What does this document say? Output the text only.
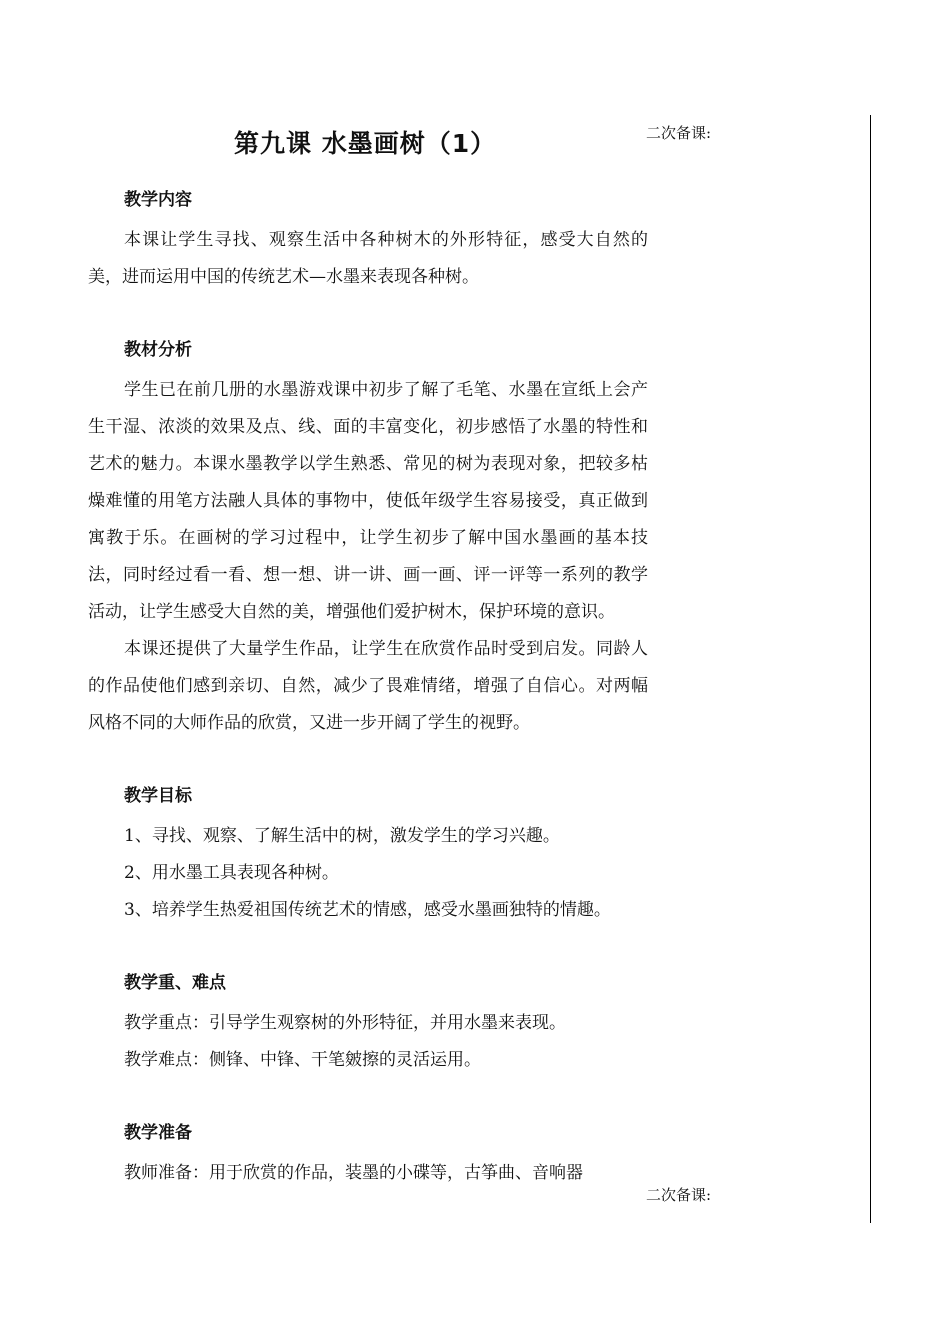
第九课 水墨画树（1）	二次备课:
二次备课:
教学内容

本课让学生寻找、观察生活中各种树木的外形特征，感受大自然的美，进而运用中国的传统艺术—水墨来表现各种树。

教材分析

学生已在前几册的水墨游戏课中初步了解了毛笔、水墨在宣纸上会产生干湿、浓淡的效果及点、线、面的丰富变化，初步感悟了水墨的特性和艺术的魅力。本课水墨教学以学生熟悉、常见的树为表现对象，把较多枯燥难懂的用笔方法融人具体的事物中，使低年级学生容易接受，真正做到寓教于乐。在画树的学习过程中，让学生初步了解中国水墨画的基本技法，同时经过看一看、想一想、讲一讲、画一画、评一评等一系列的教学活动，让学生感受大自然的美，增强他们爱护树木，保护环境的意识。

本课还提供了大量学生作品，让学生在欣赏作品时受到启发。同龄人的作品使他们感到亲切、自然，减少了畏难情绪，增强了自信心。对两幅风格不同的大师作品的欣赏，又进一步开阔了学生的视野。

教学目标
1、寻找、观察、了解生活中的树，激发学生的学习兴趣。
2、用水墨工具表现各种树。
3、培养学生热爱祖国传统艺术的情感，感受水墨画独特的情趣。
教学重、难点
教学重点：引导学生观察树的外形特征，并用水墨来表现。
教学难点：侧锋、中锋、干笔皴擦的灵活运用。
教学准备
教师准备：用于欣赏的作品，装墨的小碟等，古筝曲、音响器
